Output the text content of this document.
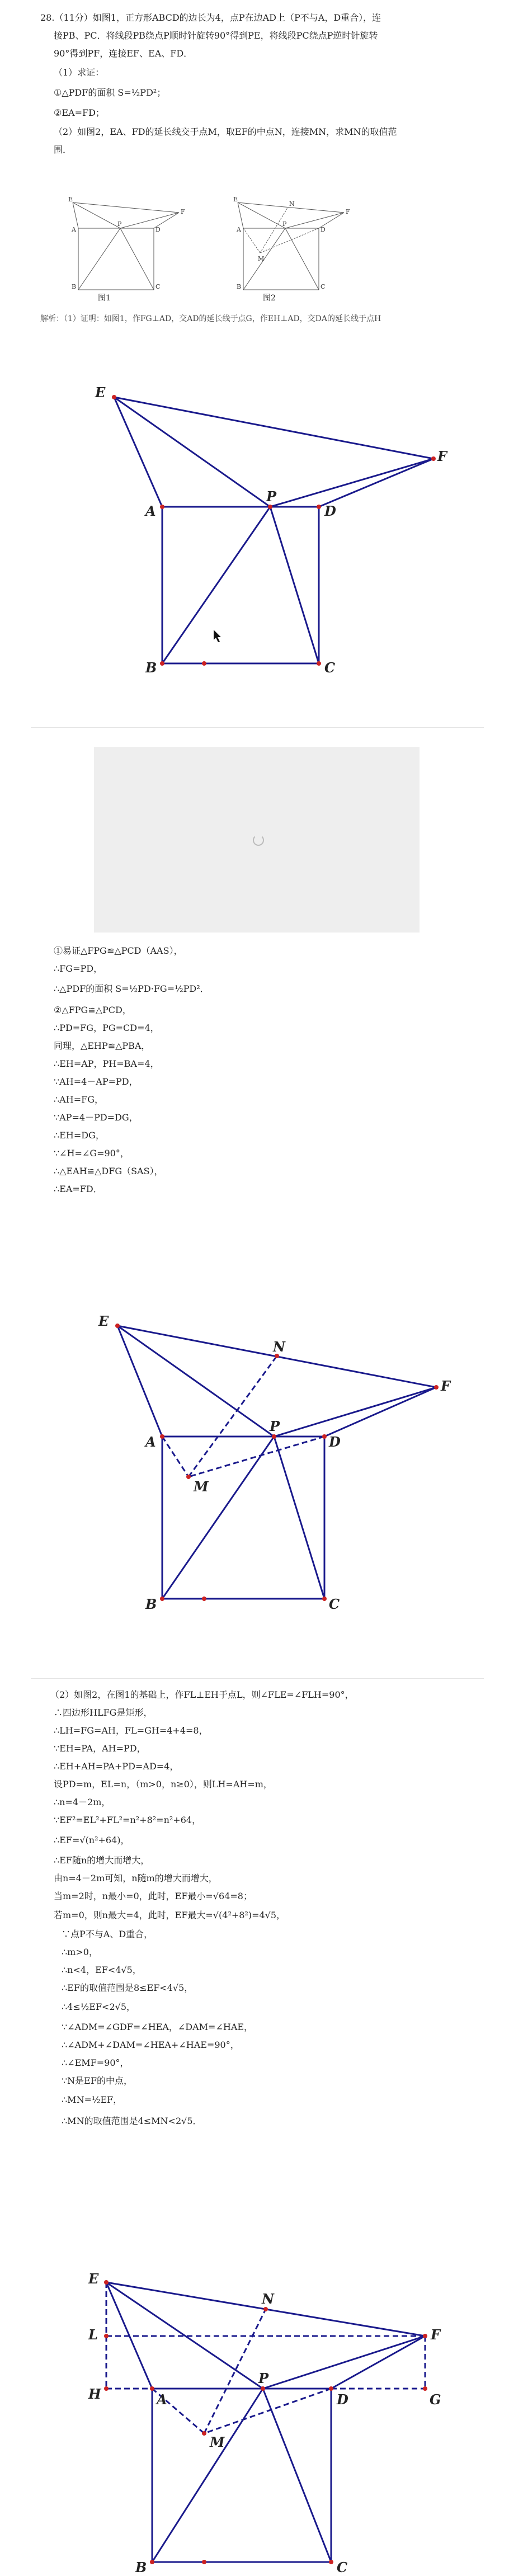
28.（11分）如图1，正方形ABCD的边长为4，点P在边AD上（P不与A，D重合），连
接PB、PC．将线段PB绕点P顺时针旋转90°得到PE，将线段PC绕点P逆时针旋转
90°得到PF，连接EF、EA、FD．
（1）求证：
①△PDF的面积 S=½PD²；
②EA=FD；
（2）如图2，EA、FD的延长线交于点M，取EF的中点N，连接MN，求MN的取值范
围．
E
F
A
P
D
B	C
E
N
F
A
P
D
M
B	C
图1	图2
解析：（1）证明：如图1，作FG⊥AD，交AD的延长线于点G，作EH⊥AD，交DA的延长线于点H
E
F
A
P
D
B	C
①易证△FPG≌△PCD（AAS），
∴FG=PD，
∴△PDF的面积 S=½PD·FG=½PD²．
②△FPG≌△PCD，
∴PD=FG，PG=CD=4，
同理，△EHP≌△PBA，
∴EH=AP，PH=BA=4，
∵AH=4－AP=PD，
∴AH=FG，
∵AP=4－PD=DG，
∴EH=DG，
∵∠H=∠G=90°，
∴△EAH≌△DFG（SAS），
∴EA=FD．
E
N
F
A
P
D
M
B	C
（2）如图2，在图1的基础上，作FL⊥EH于点L，则∠FLE=∠FLH=90°，
∴四边形HLFG是矩形，
∴LH=FG=AH，FL=GH=4+4=8，
∵EH=PA，AH=PD，
∴EH+AH=PA+PD=AD=4，
设PD=m，EL=n，（m>0，n≥0），则LH=AH=m，
∴n=4－2m，
∵EF²=EL²+FL²=n²+8²=n²+64，
∴EF=√(n²+64)，
∴EF随n的增大而增大，
由n=4－2m可知，n随m的增大而增大，
当m=2时，n最小=0，此时，EF最小=√64=8；
若m=0，则n最大=4，此时，EF最大=√(4²+8²)=4√5，
∵点P不与A、D重合，
∴m>0，
∴n<4，EF<4√5，
∴EF的取值范围是8≤EF<4√5，
∴4≤½EF<2√5，
∵∠ADM=∠GDF=∠HEA，∠DAM=∠HAE，
∴∠ADM+∠DAM=∠HEA+∠HAE=90°，
∴∠EMF=90°，
∵N是EF的中点，
∴MN=½EF，
∴MN的取值范围是4≤MN<2√5．
E
N
F
L
H	A
P
D	G
M
B	C
